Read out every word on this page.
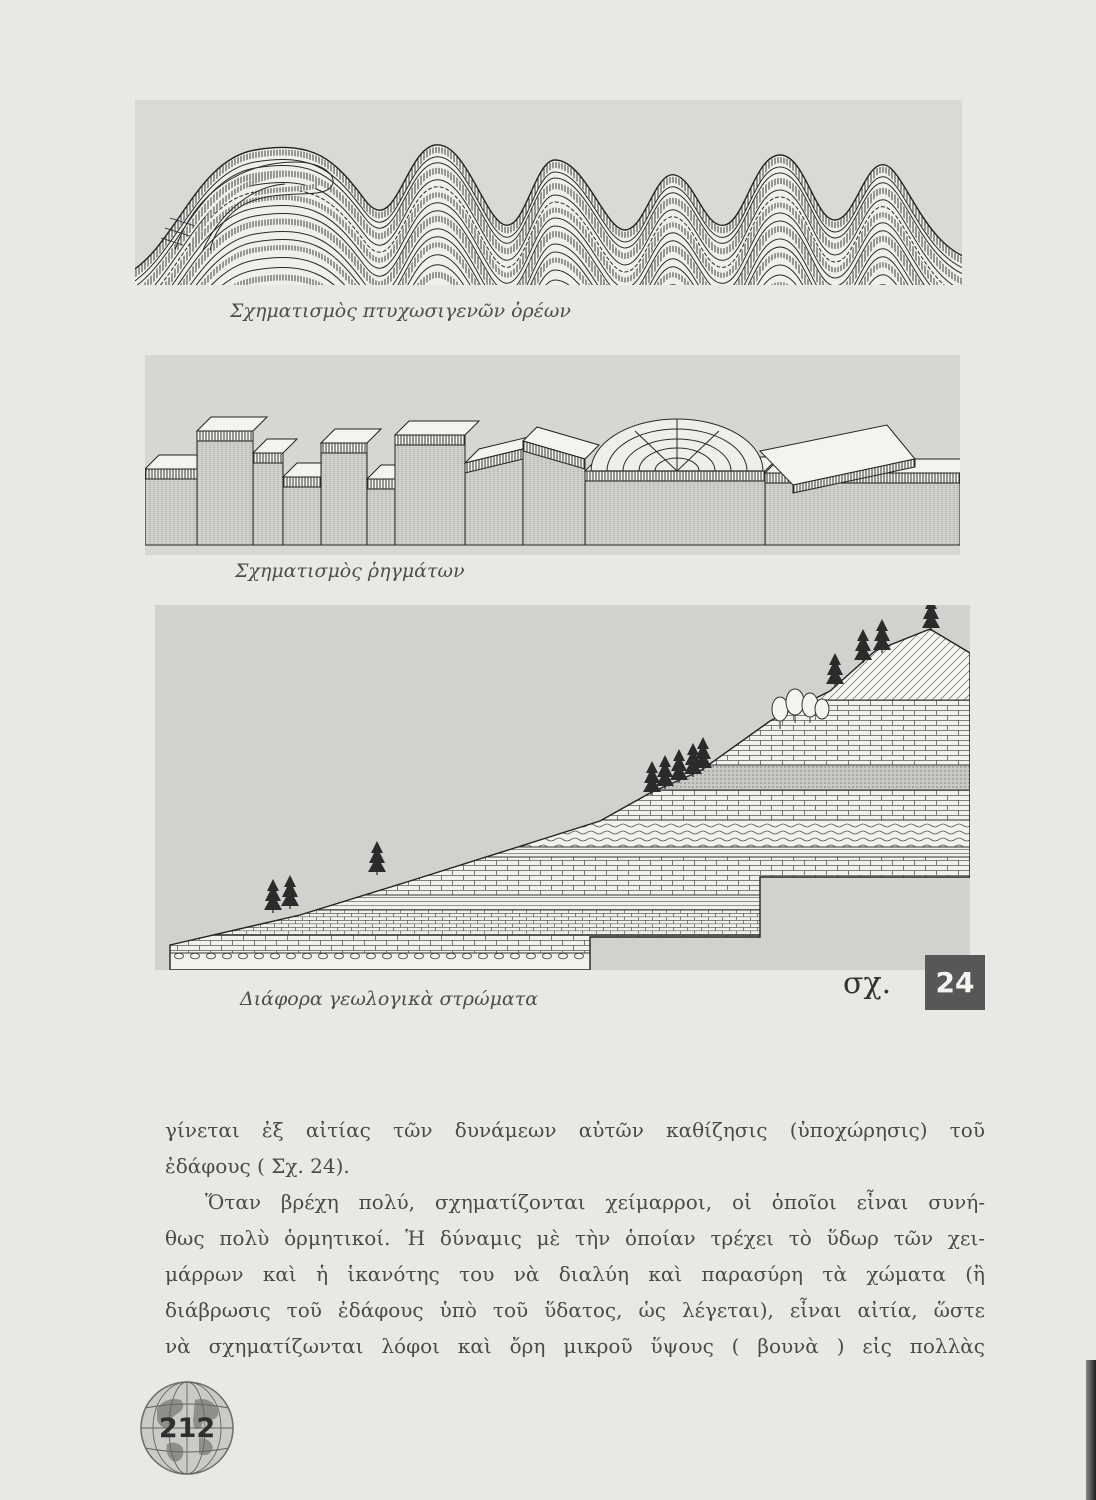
Σχηματισμὸς πτυχωσιγενῶν ὀρέων
Σχηματισμὸς ῥηγμάτων
Διάφορα γεωλογικὰ στρώματα	σχ.	24
γίνεται ἐξ αἰτίας τῶν δυνάμεων αὐτῶν καθίζησις (ὑποχώρησις) τοῦ
ἐδάφους ( Σχ. 24).
Ὅταν βρέχη πολύ, σχηματίζονται χείμαρροι, οἱ ὁποῖοι εἶναι συνή-
θως πολὺ ὁρμητικοί. Ἡ δύναμις μὲ τὴν ὁποίαν τρέχει τὸ ὕδωρ τῶν χει-
μάρρων καὶ ἡ ἱκανότης του νὰ διαλύη καὶ παρασύρη τὰ χώματα (ἢ
διάβρωσις τοῦ ἐδάφους ὑπὸ τοῦ ὕδατος, ὡς λέγεται), εἶναι αἰτία, ὥστε
νὰ σχηματίζωνται λόφοι καὶ ὄρη μικροῦ ὕψους ( βουνὰ ) εἰς πολλὰς
212
